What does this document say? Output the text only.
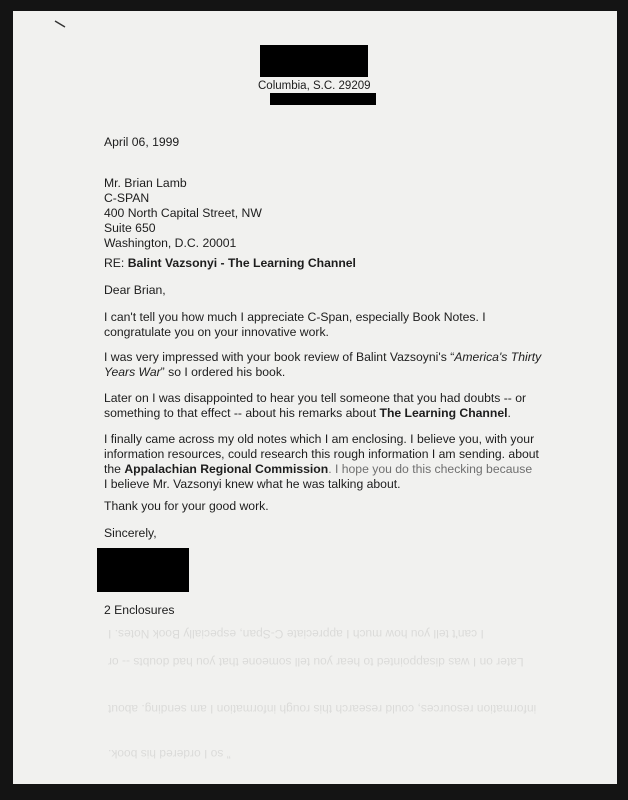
Columbia, S.C. 29209
April 06, 1999
Mr. Brian Lamb
C-SPAN
400 North Capital Street, NW
Suite 650
Washington, D.C. 20001
RE: Balint Vazsonyi - The Learning Channel
Dear Brian,
I can't tell you how much I appreciate C-Span, especially Book Notes. I
congratulate you on your innovative work.
I was very impressed with your book review of Balint Vazsoyni's “America's Thirty
Years War” so I ordered his book.
Later on I was disappointed to hear you tell someone that you had doubts -- or
something to that effect -- about his remarks about The Learning Channel.
I finally came across my old notes which I am enclosing. I believe you, with your
information resources, could research this rough information I am sending. about
the Appalachian Regional Commission. I hope you do this checking because
I believe Mr. Vazsonyi knew what he was talking about.
Thank you for your good work.
Sincerely,
2 Enclosures
I can't tell you how much I appreciate C-Span, especially Book Notes. I
Later on I was disappointed to hear you tell someone that you had doubts -- or
information resources, could research this rough information I am sending. about
” so I ordered his book.
